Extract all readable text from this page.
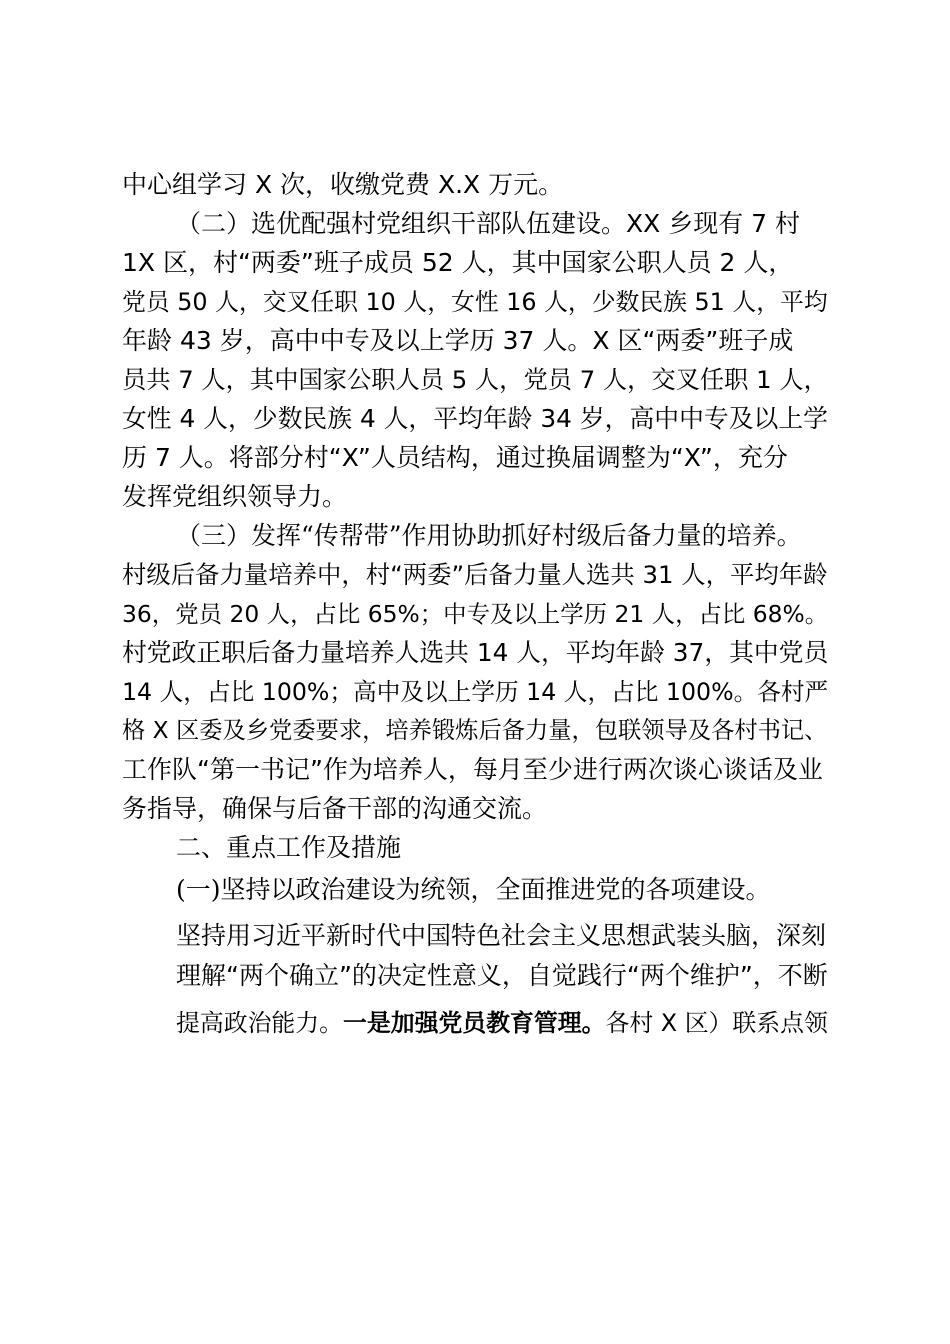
中心组学习 X 次，收缴党费 X.X 万元。
（二）选优配强村党组织干部队伍建设。XX 乡现有 7 村
1X 区，村“两委”班子成员 52 人，其中国家公职人员 2 人，
党员 50 人，交叉任职 10 人，女性 16 人，少数民族 51 人，平均
年龄 43 岁，高中中专及以上学历 37 人。X 区“两委”班子成
员共 7 人，其中国家公职人员 5 人，党员 7 人，交叉任职 1 人，
女性 4 人，少数民族 4 人，平均年龄 34 岁，高中中专及以上学
历 7 人。将部分村“X”人员结构，通过换届调整为“X”，充分
发挥党组织领导力。
（三）发挥“传帮带”作用协助抓好村级后备力量的培养。
村级后备力量培养中，村“两委”后备力量人选共 31 人，平均年龄
36，党员 20 人，占比 65%；中专及以上学历 21 人，占比 68%。
村党政正职后备力量培养人选共 14 人，平均年龄 37，其中党员
14 人，占比 100%；高中及以上学历 14 人，占比 100%。各村严
格 X 区委及乡党委要求，培养锻炼后备力量，包联领导及各村书记、
工作队“第一书记”作为培养人，每月至少进行两次谈心谈话及业
务指导，确保与后备干部的沟通交流。
二、重点工作及措施
(一)坚持以政治建设为统领，全面推进党的各项建设。
坚持用习近平新时代中国特色社会主义思想武装头脑，深刻
理解“两个确立”的决定性意义，自觉践行“两个维护”，不断
提高政治能力。一是加强党员教育管理。各村 X 区）联系点领
